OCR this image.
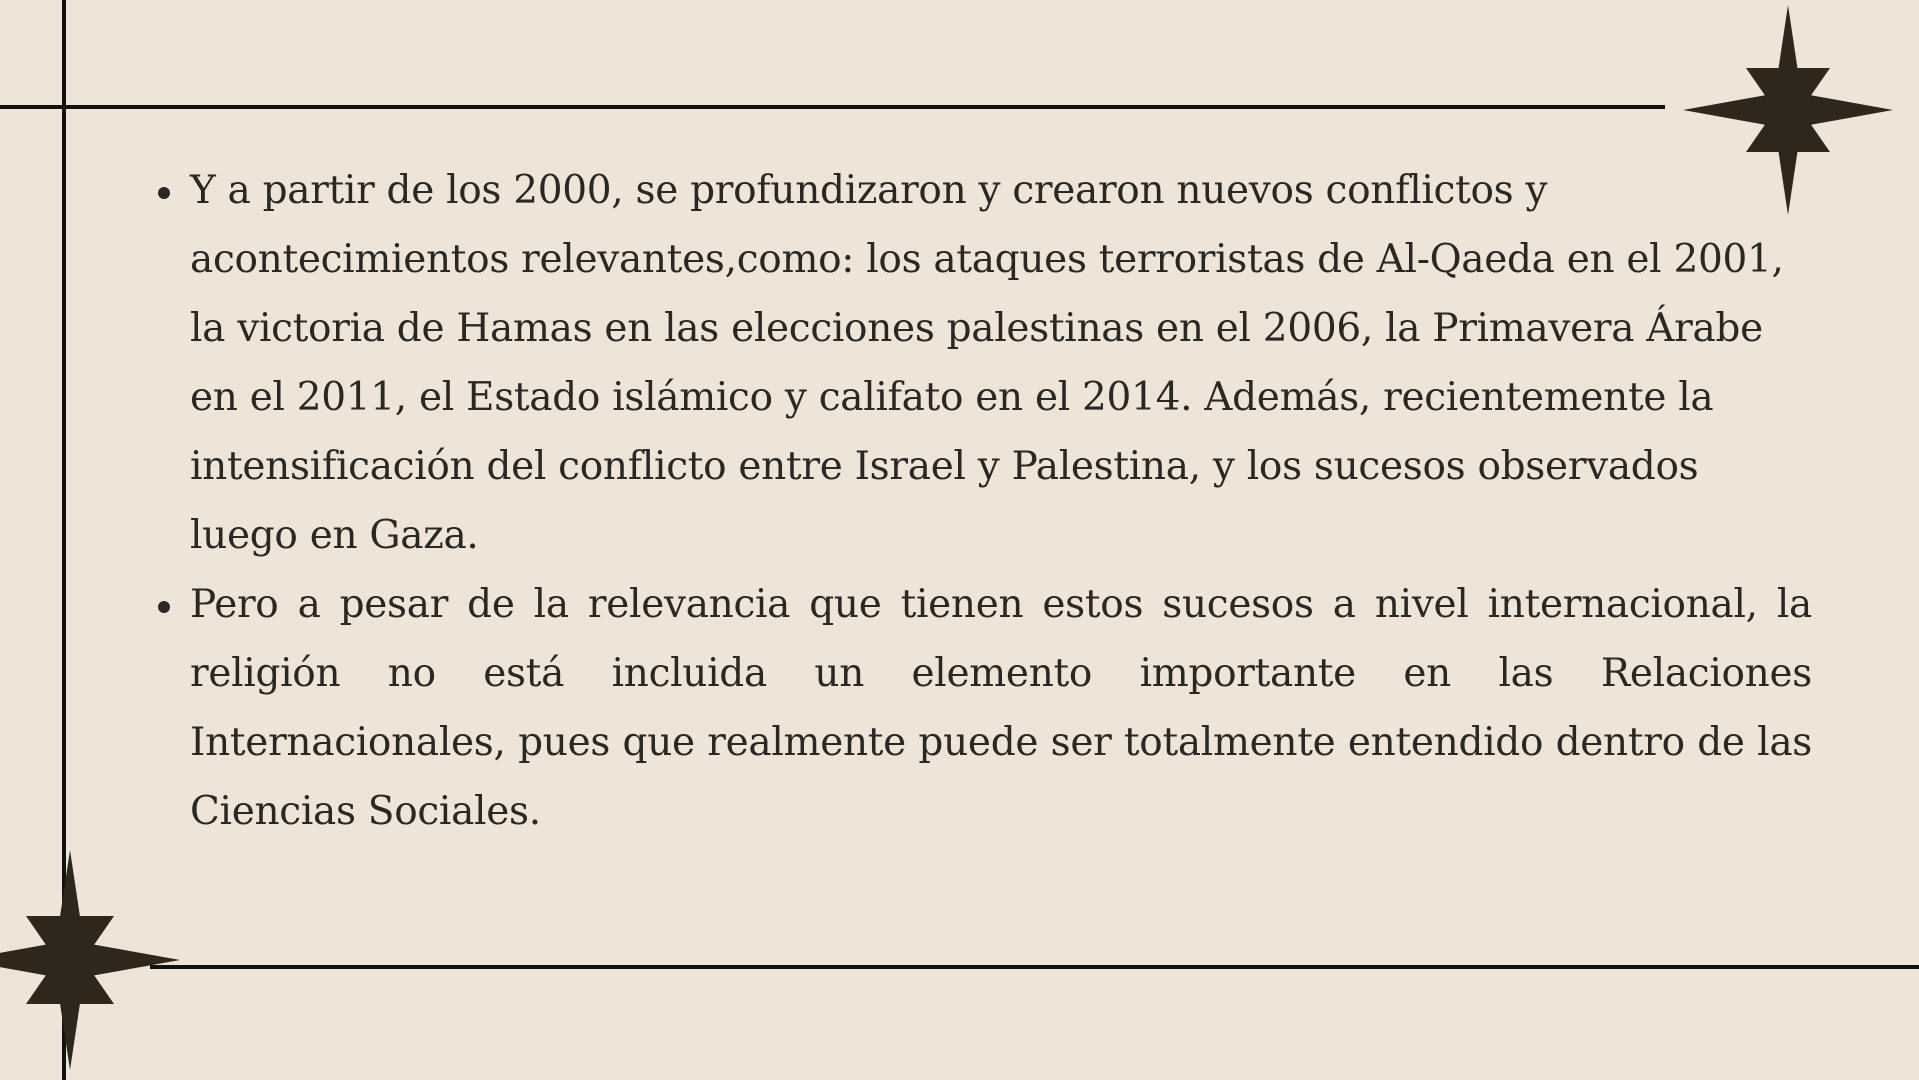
Y a partir de los 2000, se profundizaron y crearon nuevos conflictos y acontecimientos relevantes,como: los ataques terroristas de Al-Qaeda en el 2001, la victoria de Hamas en las elecciones palestinas en el 2006, la Primavera Árabe en el 2011, el Estado islámico y califato en el 2014. Además, recientemente la intensificación del conflicto entre Israel y Palestina, y los sucesos observados luego en Gaza.
Pero a pesar de la relevancia que tienen estos sucesos a nivel internacional, la religión no está incluida un elemento importante en las Relaciones Internacionales, pues que realmente puede ser totalmente entendido dentro de las Ciencias Sociales.
